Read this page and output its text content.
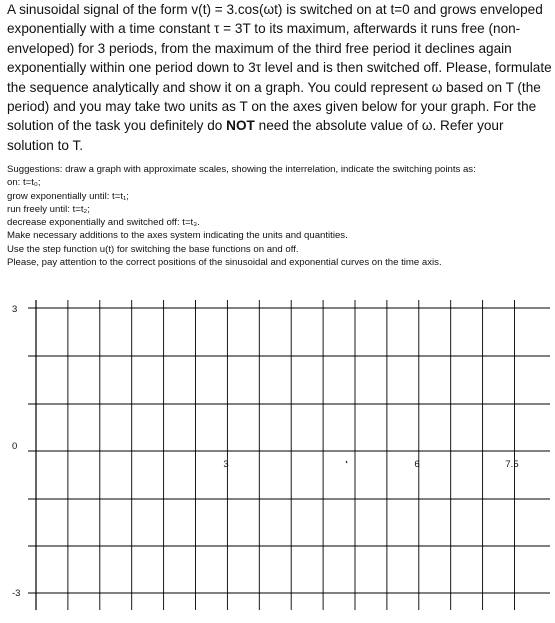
A sinusoidal signal of the form v(t) = 3.cos(ωt) is switched on at t=0 and grows enveloped exponentially with a time constant τ = 3T to its maximum, afterwards it runs free (non-enveloped) for 3 periods, from the maximum of the third free period it declines again exponentially within one period down to 3τ level and is then switched off. Please, formulate the sequence analytically and show it on a graph. You could represent ω based on T (the period) and you may take two units as T on the axes given below for your graph. For the solution of the task you definitely do NOT need the absolute value of ω. Refer your solution to T.

Suggestions: draw a graph with approximate scales, showing the interrelation, indicate the switching points as:
on: t=t₀;
grow exponentially until: t=t₁;
run freely until: t=t₂;
decrease exponentially and switched off: t=t₃.
Make necessary additions to the axes system indicating the units and quantities.
Use the step function u(t) for switching the base functions on and off.
Please, pay attention to the correct positions of the sinusoidal and exponential curves on the time axis.
3
0
-3
3	6	7.5
